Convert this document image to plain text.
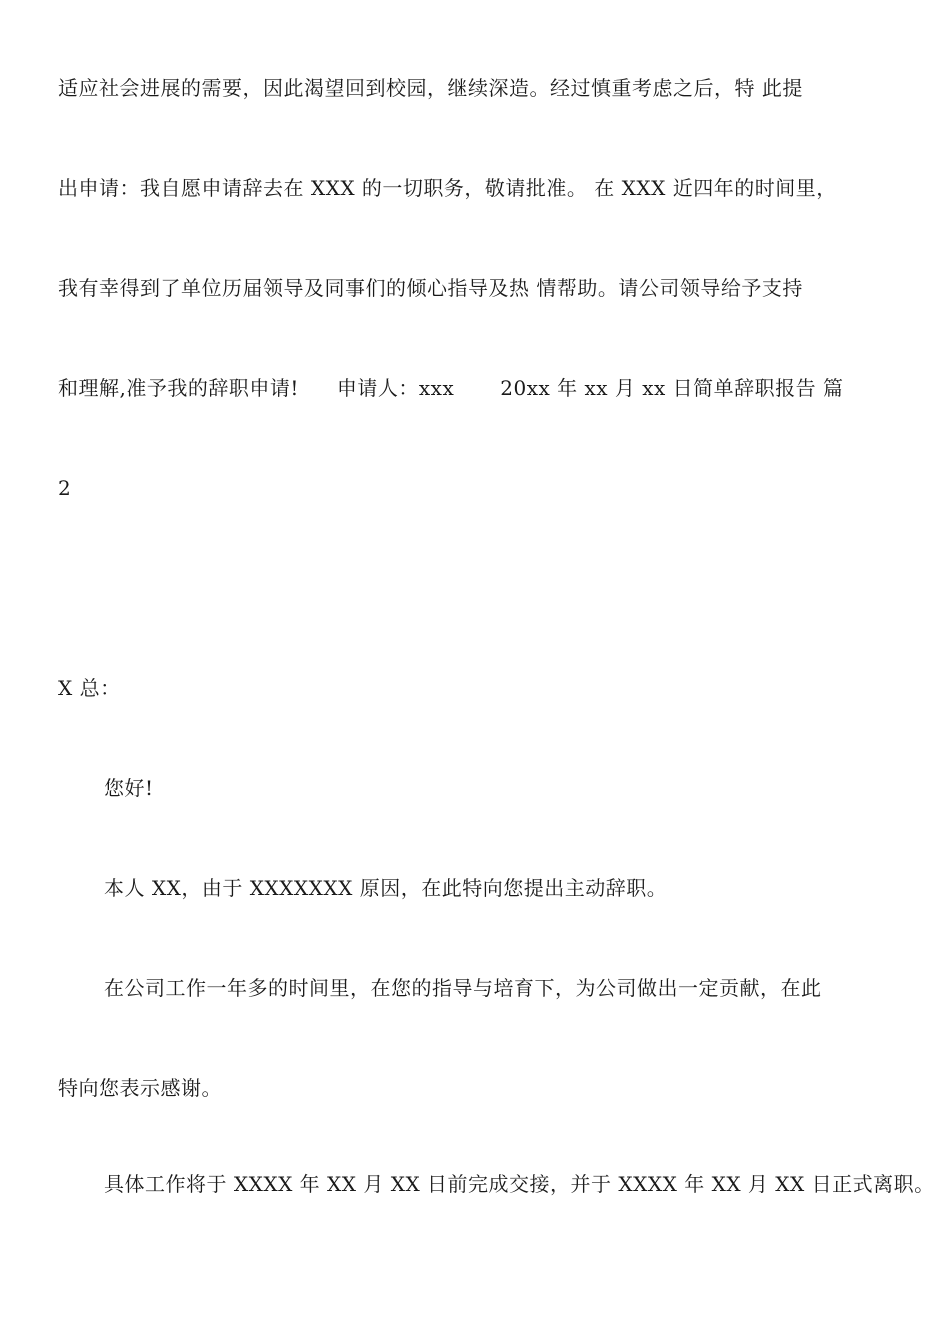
适应社会进展的需要，因此渴望回到校园，继续深造。经过慎重考虑之后，特 此提
出申请：我自愿申请辞去在 XXX 的一切职务，敬请批准。 在 XXX 近四年的时间里，
我有幸得到了单位历届领导及同事们的倾心指导及热 情帮助。请公司领导给予支持
和理解,准予我的辞职申请! 申请人：xxx 20xx 年 xx 月 xx 日简单辞职报告 篇
2
X 总：
您好!
本人 XX，由于 XXXXXXX 原因，在此特向您提出主动辞职。
在公司工作一年多的时间里，在您的指导与培育下，为公司做出一定贡献，在此
特向您表示感谢。
具体工作将于 XXXX 年 XX 月 XX 日前完成交接，并于 XXXX 年 XX 月 XX 日正式离职。
